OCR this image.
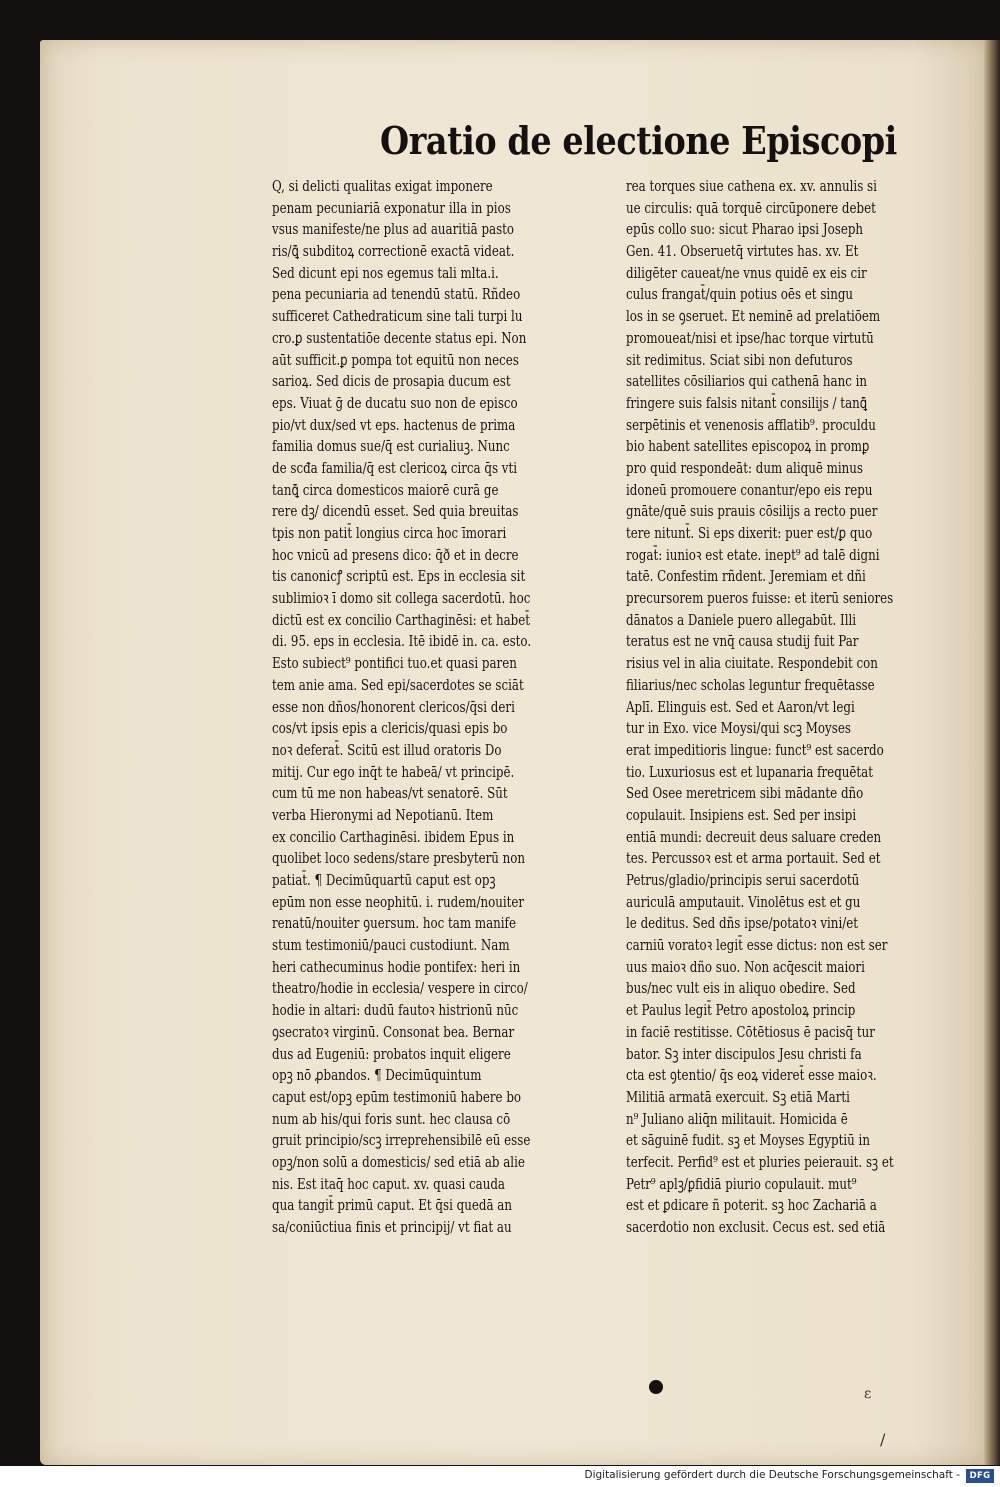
Oratio de electione Episcopi
Q, si delicti qualitas exigat imponere
penam pecuniariā exponatur illa in pios
vsus manifeste/ne plus ad auaritiā pasto
ris/ꝗ̄ subditoꝝ correctionē exactā videat.
Sed dicunt epi nos egemus tali mlta.i.
pena pecuniaria ad tenendū statū. Rñdeo
sufficeret Cathedraticum sine tali turpi lu
cro.ꝑ sustentatiōe decente status epi. Non
aūt sufficit.ꝑ pompa tot equitū non neces
sarioꝝ. Sed dicis de prosapia ducum est
eps. Viuat ḡ de ducatu suo non de episco
pio/vt dux/sed vt eps. hactenus de prima
familia domus sue/q̄ est curialiuꝫ. Nunc
de scđa familia/q̄ est clericoꝝ circa q̄s vti
tanꝗ̄ circa domesticos maiorē curā ge
rere dꝫ/ dicendū esset. Sed quia breuitas
tpis non patit̄ longius circa hoc īmorari
hoc vnicū ad presens dico: q̄ð et in decre
tis canonicꝭ scriptū est. Eps in ecclesia sit
sublimioꝛ ī domo sit collega sacerdotū. hoc
dictū est ex concilio Carthaginēsi: et habet̄
di. 95. eps in ecclesia. Itē ibidē in. ca. esto.
Esto subiect⁹ pontifici tuo.et quasi paren
tem anie ama. Sed epi/sacerdotes se sciāt
esse non dños/honorent clericos/q̄si deri
cos/vt ipsis epis a clericis/quasi epis bo
noꝛ deferat̄. Scitū est illud oratoris Do
mitij. Cur ego inq̄t te habeā/ vt principē.
cum tū me non habeas/vt senatorē. Sūt
verba Hieronymi ad Nepotianū. Item
ex concilio Carthaginēsi. ibidem Epus in
quolibet loco sedens/stare presbyterū non
patiat̄. ¶ Decimūquartū caput est opꝫ
epūm non esse neophitū. i. rudem/nouiter
renatū/nouiter ꝯuersum. hoc tam manife
stum testimoniū/pauci custodiunt. Nam
heri cathecuminus hodie pontifex: heri in
theatro/hodie in ecclesia/ vespere in circo/
hodie in altari: dudū fautoꝛ histrionū nūc
ꝯsecratoꝛ virginū. Consonat bea. Bernar
dus ad Eugeniū: probatos inquit eligere
opꝫ nō ꝓbandos. ¶ Decimūquintum
caput est/opꝫ epūm testimoniū habere bo
num ab his/qui foris sunt. hec clausa cō
gruit principio/scꝫ irreprehensibilē eū esse
opꝫ/non solū a domesticis/ sed etiā ab alie
nis. Est itaq̄ hoc caput. xv. quasi cauda
qua tangit̄ primū caput. Et q̄si quedā an
sa/coniūctiua finis et principij/ vt fiat au
rea torques siue cathena ex. xv. annulis si
ue circulis: quā torquē circūponere debet
epūs collo suo: sicut Pharao ipsi Joseph
Gen. 41. Obseruetq̄ virtutes has. xv. Et
diligēter caueat/ne vnus quidē ex eis cir
culus frangat̄/quin potius oēs et singu
los in se ꝯseruet. Et neminē ad prelatiōem
promoueat/nisi et ipse/hac torque virtutū
sit redimitus. Sciat sibi non defuturos
satellites cōsiliarios qui cathenā hanc in
fringere suis falsis nitant̄ consilijs / tanꝗ̄
serpētinis et venenosis afflatib⁹. proculdu
bio habent satellites episcopoꝝ in promꝑ
pro quid respondeāt: dum aliquē minus
idoneū promouere conantur/epo eis repu
gnāte/quē suis prauis cōsilijs a recto puer
tere nitunt̄. Si eps dixerit: puer est/ꝑ quo
rogat̄: iunioꝛ est etate. inept⁹ ad talē digni
tatē. Confestim rñdent. Jeremiam et dñi
precursorem pueros fuisse: et iterū seniores
dānatos a Daniele puero allegabūt. Illi
teratus est ne vnq̄ causa studij fuit Par
risius vel in alia ciuitate. Respondebit con
filiarius/nec scholas leguntur frequētasse
Aplī. Elinguis est. Sed et Aaron/vt legi
tur in Exo. vice Moysi/qui scꝫ Moyses
erat impeditioris lingue: funct⁹ est sacerdo
tio. Luxuriosus est et lupanaria frequētat
Sed Osee meretricem sibi mādante dño
copulauit. Insipiens est. Sed per insipi
entiā mundi: decreuit deus saluare creden
tes. Percussoꝛ est et arma portauit. Sed et
Petrus/gladio/principis serui sacerdotū
auriculā amputauit. Vinolētus est et gu
le deditus. Sed dñs ipse/potatoꝛ vini/et
carniū voratoꝛ legit̄ esse dictus: non est ser
uus maioꝛ dño suo. Non acq̄escit maiori
bus/nec vult eis in aliquo obedire. Sed
et Paulus legit̄ Petro apostoloꝝ princip
in faciē restitisse. Cōtētiosus ē pacisq̄ tur
bator. Sꝫ inter discipulos Jesu christi fa
cta est ꝯtentio/ q̄s eoꝝ videret̄ esse maioꝛ.
Militiā armatā exercuit. Sꝫ etiā Marti
n⁹ Juliano aliq̄n militauit. Homicida ē
et sāguinē fudit. sꝫ et Moyses Egyptiū in
terfecit. Perfid⁹ est et pluries peierauit. sꝫ et
Petr⁹ aplꝫ/ꝑfidiā piurio copulauit. mut⁹
est et ꝑdicare ñ poterit. sꝫ hoc Zachariā a
sacerdotio non exclusit. Cecus est. sed etiā
ε
/
Digitalisierung gefördert durch die Deutsche Forschungsgemeinschaft -	DFG
